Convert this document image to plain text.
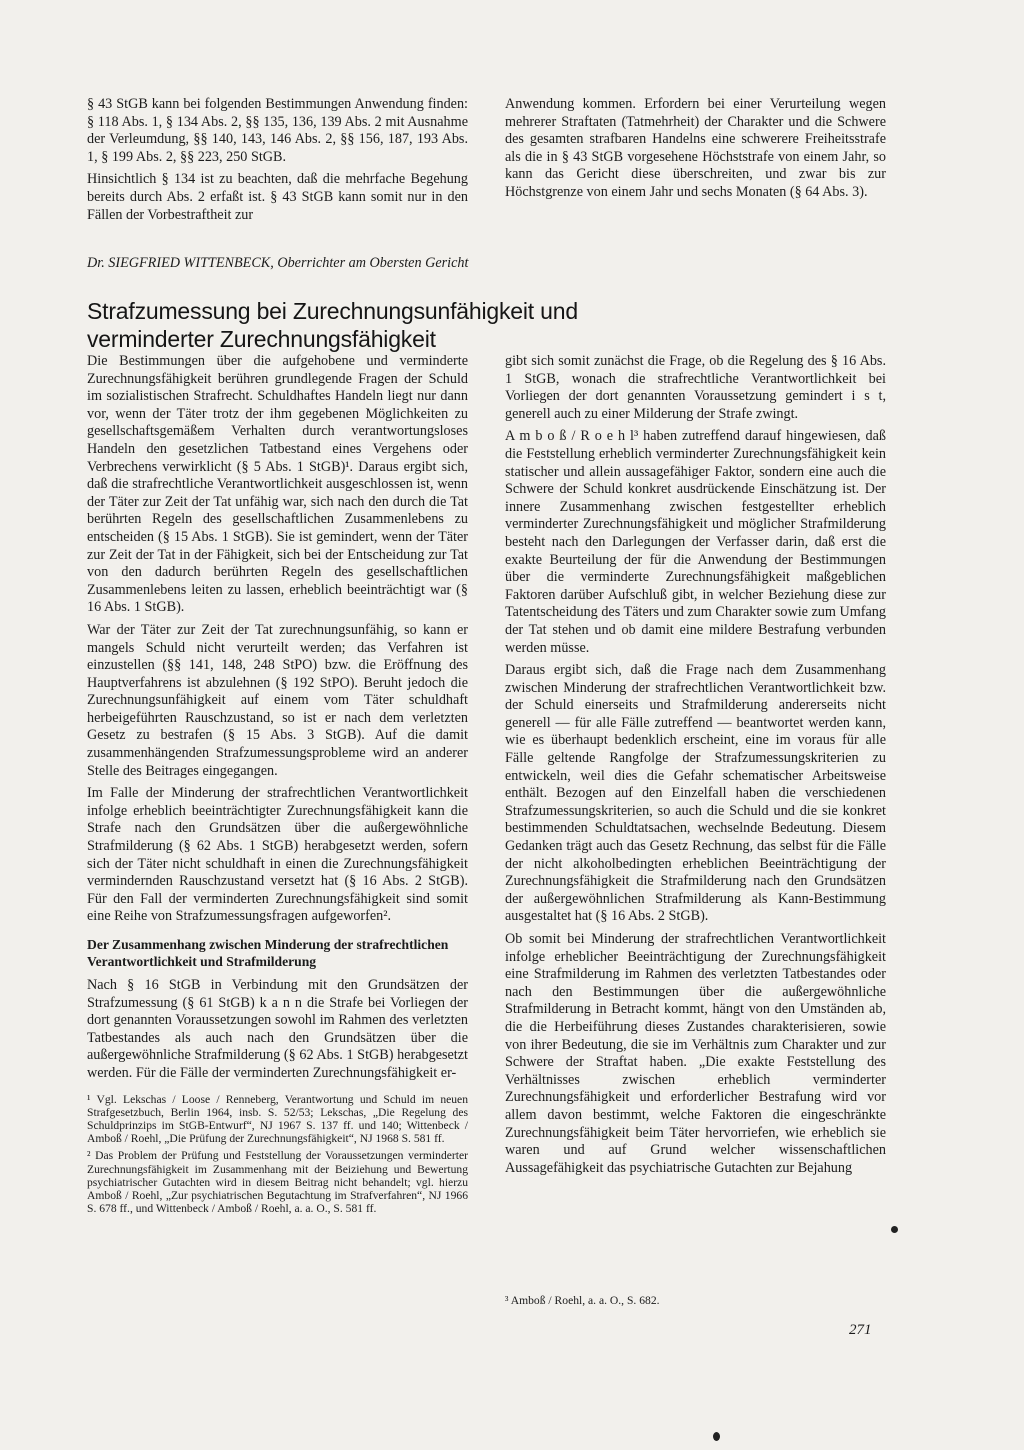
§ 43 StGB kann bei folgenden Bestimmungen Anwendung finden: § 118 Abs. 1, § 134 Abs. 2, §§ 135, 136, 139 Abs. 2 mit Ausnahme der Verleumdung, §§ 140, 143, 146 Abs. 2, §§ 156, 187, 193 Abs. 1, § 199 Abs. 2, §§ 223, 250 StGB.

Hinsichtlich § 134 ist zu beachten, daß die mehrfache Begehung bereits durch Abs. 2 erfaßt ist. § 43 StGB kann somit nur in den Fällen der Vorbestraftheit zur

Anwendung kommen. Erfordern bei einer Verurteilung wegen mehrerer Straftaten (Tatmehrheit) der Charakter und die Schwere des gesamten strafbaren Handelns eine schwerere Freiheitsstrafe als die in § 43 StGB vorgesehene Höchststrafe von einem Jahr, so kann das Gericht diese überschreiten, und zwar bis zur Höchstgrenze von einem Jahr und sechs Monaten (§ 64 Abs. 3).

Dr. SIEGFRIED WITTENBECK, Oberrichter am Obersten Gericht
Strafzumessung bei Zurechnungsunfähigkeit und
verminderter Zurechnungsfähigkeit

Die Bestimmungen über die aufgehobene und verminderte Zurechnungsfähigkeit berühren grundlegende Fragen der Schuld im sozialistischen Strafrecht. Schuldhaftes Handeln liegt nur dann vor, wenn der Täter trotz der ihm gegebenen Möglichkeiten zu gesellschaftsgemäßem Verhalten durch verantwortungsloses Handeln den gesetzlichen Tatbestand eines Vergehens oder Verbrechens verwirklicht (§ 5 Abs. 1 StGB)¹. Daraus ergibt sich, daß die strafrechtliche Verantwortlichkeit ausgeschlossen ist, wenn der Täter zur Zeit der Tat unfähig war, sich nach den durch die Tat berührten Regeln des gesellschaftlichen Zusammenlebens zu entscheiden (§ 15 Abs. 1 StGB). Sie ist gemindert, wenn der Täter zur Zeit der Tat in der Fähigkeit, sich bei der Entscheidung zur Tat von den dadurch berührten Regeln des gesellschaftlichen Zusammenlebens leiten zu lassen, erheblich beeinträchtigt war (§ 16 Abs. 1 StGB).

War der Täter zur Zeit der Tat zurechnungsunfähig, so kann er mangels Schuld nicht verurteilt werden; das Verfahren ist einzustellen (§§ 141, 148, 248 StPO) bzw. die Eröffnung des Hauptverfahrens ist abzulehnen (§ 192 StPO). Beruht jedoch die Zurechnungsunfähigkeit auf einem vom Täter schuldhaft herbeigeführten Rauschzustand, so ist er nach dem verletzten Gesetz zu bestrafen (§ 15 Abs. 3 StGB). Auf die damit zusammenhängenden Strafzumessungsprobleme wird an anderer Stelle des Beitrages eingegangen.

Im Falle der Minderung der strafrechtlichen Verantwortlichkeit infolge erheblich beeinträchtigter Zurechnungsfähigkeit kann die Strafe nach den Grundsätzen über die außergewöhnliche Strafmilderung (§ 62 Abs. 1 StGB) herabgesetzt werden, sofern sich der Täter nicht schuldhaft in einen die Zurechnungsfähigkeit vermindernden Rauschzustand versetzt hat (§ 16 Abs. 2 StGB). Für den Fall der verminderten Zurechnungsfähigkeit sind somit eine Reihe von Strafzumessungsfragen aufgeworfen².

Der Zusammenhang zwischen Minderung der strafrechtlichen Verantwortlichkeit und Strafmilderung

Nach § 16 StGB in Verbindung mit den Grundsätzen der Strafzumessung (§ 61 StGB) k a n n die Strafe bei Vorliegen der dort genannten Voraussetzungen sowohl im Rahmen des verletzten Tatbestandes als auch nach den Grundsätzen über die außergewöhnliche Strafmilderung (§ 62 Abs. 1 StGB) herabgesetzt werden. Für die Fälle der verminderten Zurechnungsfähigkeit er-

¹ Vgl. Lekschas / Loose / Renneberg, Verantwortung und Schuld im neuen Strafgesetzbuch, Berlin 1964, insb. S. 52/53; Lekschas, „Die Regelung des Schuldprinzips im StGB-Entwurf“, NJ 1967 S. 137 ff. und 140; Wittenbeck / Amboß / Roehl, „Die Prüfung der Zurechnungsfähigkeit“, NJ 1968 S. 581 ff.

² Das Problem der Prüfung und Feststellung der Voraussetzungen verminderter Zurechnungsfähigkeit im Zusammenhang mit der Beiziehung und Bewertung psychiatrischer Gutachten wird in diesem Beitrag nicht behandelt; vgl. hierzu Amboß / Roehl, „Zur psychiatrischen Begutachtung im Strafverfahren“, NJ 1966 S. 678 ff., und Wittenbeck / Amboß / Roehl, a. a. O., S. 581 ff.

gibt sich somit zunächst die Frage, ob die Regelung des § 16 Abs. 1 StGB, wonach die strafrechtliche Verantwortlichkeit bei Vorliegen der dort genannten Voraussetzung gemindert i s t, generell auch zu einer Milderung der Strafe zwingt.

A m b o ß / R o e h l³ haben zutreffend darauf hingewiesen, daß die Feststellung erheblich verminderter Zurechnungsfähigkeit kein statischer und allein aussagefähiger Faktor, sondern eine auch die Schwere der Schuld konkret ausdrückende Einschätzung ist. Der innere Zusammenhang zwischen festgestellter erheblich verminderter Zurechnungsfähigkeit und möglicher Strafmilderung besteht nach den Darlegungen der Verfasser darin, daß erst die exakte Beurteilung der für die Anwendung der Bestimmungen über die verminderte Zurechnungsfähigkeit maßgeblichen Faktoren darüber Aufschluß gibt, in welcher Beziehung diese zur Tatentscheidung des Täters und zum Charakter sowie zum Umfang der Tat stehen und ob damit eine mildere Bestrafung verbunden werden müsse.

Daraus ergibt sich, daß die Frage nach dem Zusammenhang zwischen Minderung der strafrechtlichen Verantwortlichkeit bzw. der Schuld einerseits und Strafmilderung andererseits nicht generell — für alle Fälle zutreffend — beantwortet werden kann, wie es überhaupt bedenklich erscheint, eine im voraus für alle Fälle geltende Rangfolge der Strafzumessungskriterien zu entwickeln, weil dies die Gefahr schematischer Arbeitsweise enthält. Bezogen auf den Einzelfall haben die verschiedenen Strafzumessungskriterien, so auch die Schuld und die sie konkret bestimmenden Schuldtatsachen, wechselnde Bedeutung. Diesem Gedanken trägt auch das Gesetz Rechnung, das selbst für die Fälle der nicht alkoholbedingten erheblichen Beeinträchtigung der Zurechnungsfähigkeit die Strafmilderung nach den Grundsätzen der außergewöhnlichen Strafmilderung als Kann-Bestimmung ausgestaltet hat (§ 16 Abs. 2 StGB).

Ob somit bei Minderung der strafrechtlichen Verantwortlichkeit infolge erheblicher Beeinträchtigung der Zurechnungsfähigkeit eine Strafmilderung im Rahmen des verletzten Tatbestandes oder nach den Bestimmungen über die außergewöhnliche Strafmilderung in Betracht kommt, hängt von den Umständen ab, die die Herbeiführung dieses Zustandes charakterisieren, sowie von ihrer Bedeutung, die sie im Verhältnis zum Charakter und zur Schwere der Straftat haben. „Die exakte Feststellung des Verhältnisses zwischen erheblich verminderter Zurechnungsfähigkeit und erforderlicher Bestrafung wird vor allem davon bestimmt, welche Faktoren die eingeschränkte Zurechnungsfähigkeit beim Täter hervorriefen, wie erheblich sie waren und auf Grund welcher wissenschaftlichen Aussagefähigkeit das psychiatrische Gutachten zur Bejahung

³ Amboß / Roehl, a. a. O., S. 682.
271
